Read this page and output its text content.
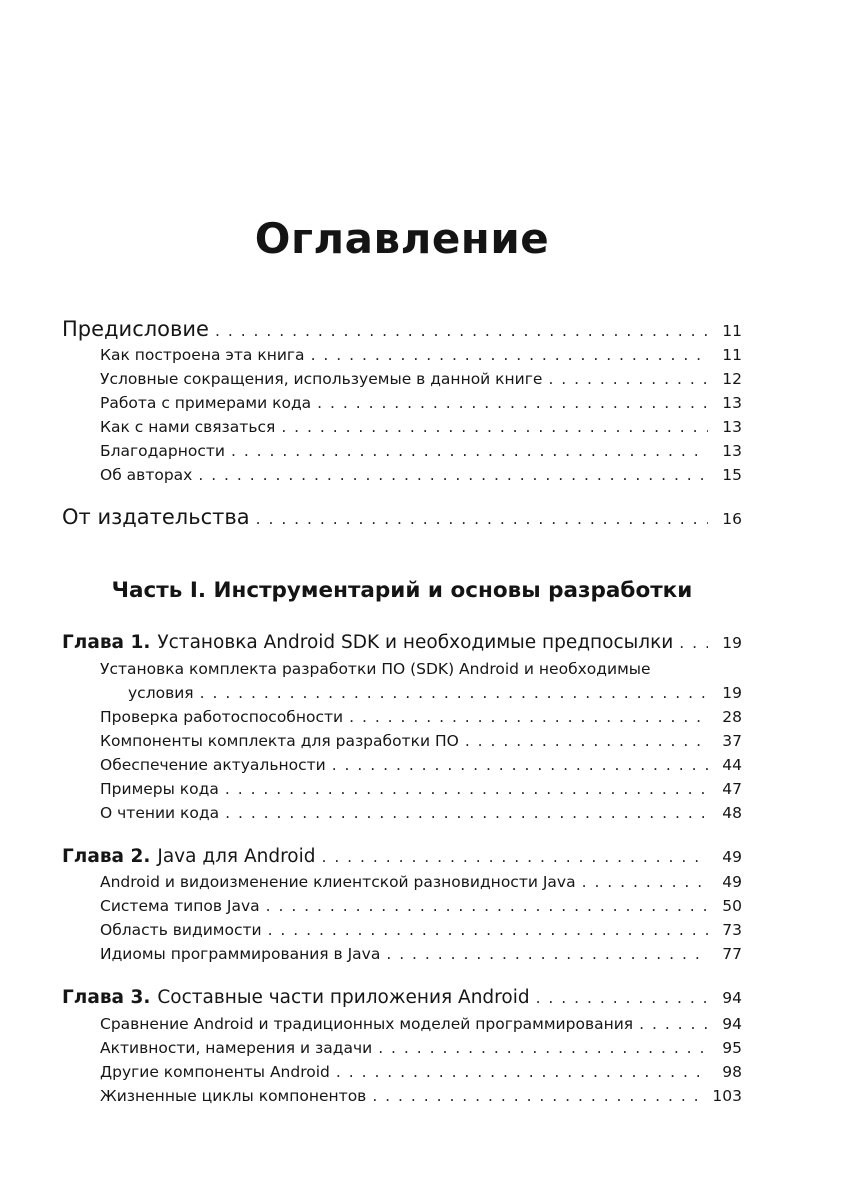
Оглавление
Предисловие . . .	11
Как построена эта книга . . .	11
Условные сокращения, используемые в данной книге . . .	12
Работа с примерами кода . . .	13
Как с нами связаться . . .	13
Благодарности . . .	13
Об авторах . . .	15
От издательства . . .	16
Часть I. Инструментарий и основы разработки
Глава 1. Установка Android SDK и необходимые предпосылки . . .	19
Установка комплекта разработки ПО (SDK) Android и необходимые
условия . . .	19
Проверка работоспособности . . .	28
Компоненты комплекта для разработки ПО . . .	37
Обеспечение актуальности . . .	44
Примеры кода . . .	47
О чтении кода . . .	48
Глава 2. Java для Android . . .	49
Android и видоизменение клиентской разновидности Java . . .	49
Система типов Java . . .	50
Область видимости . . .	73
Идиомы программирования в Java . . .	77
Глава 3. Составные части приложения Android . . .	94
Сравнение Android и традиционных моделей программирования . . .	94
Активности, намерения и задачи . . .	95
Другие компоненты Android . . .	98
Жизненные циклы компонентов . . .	103
